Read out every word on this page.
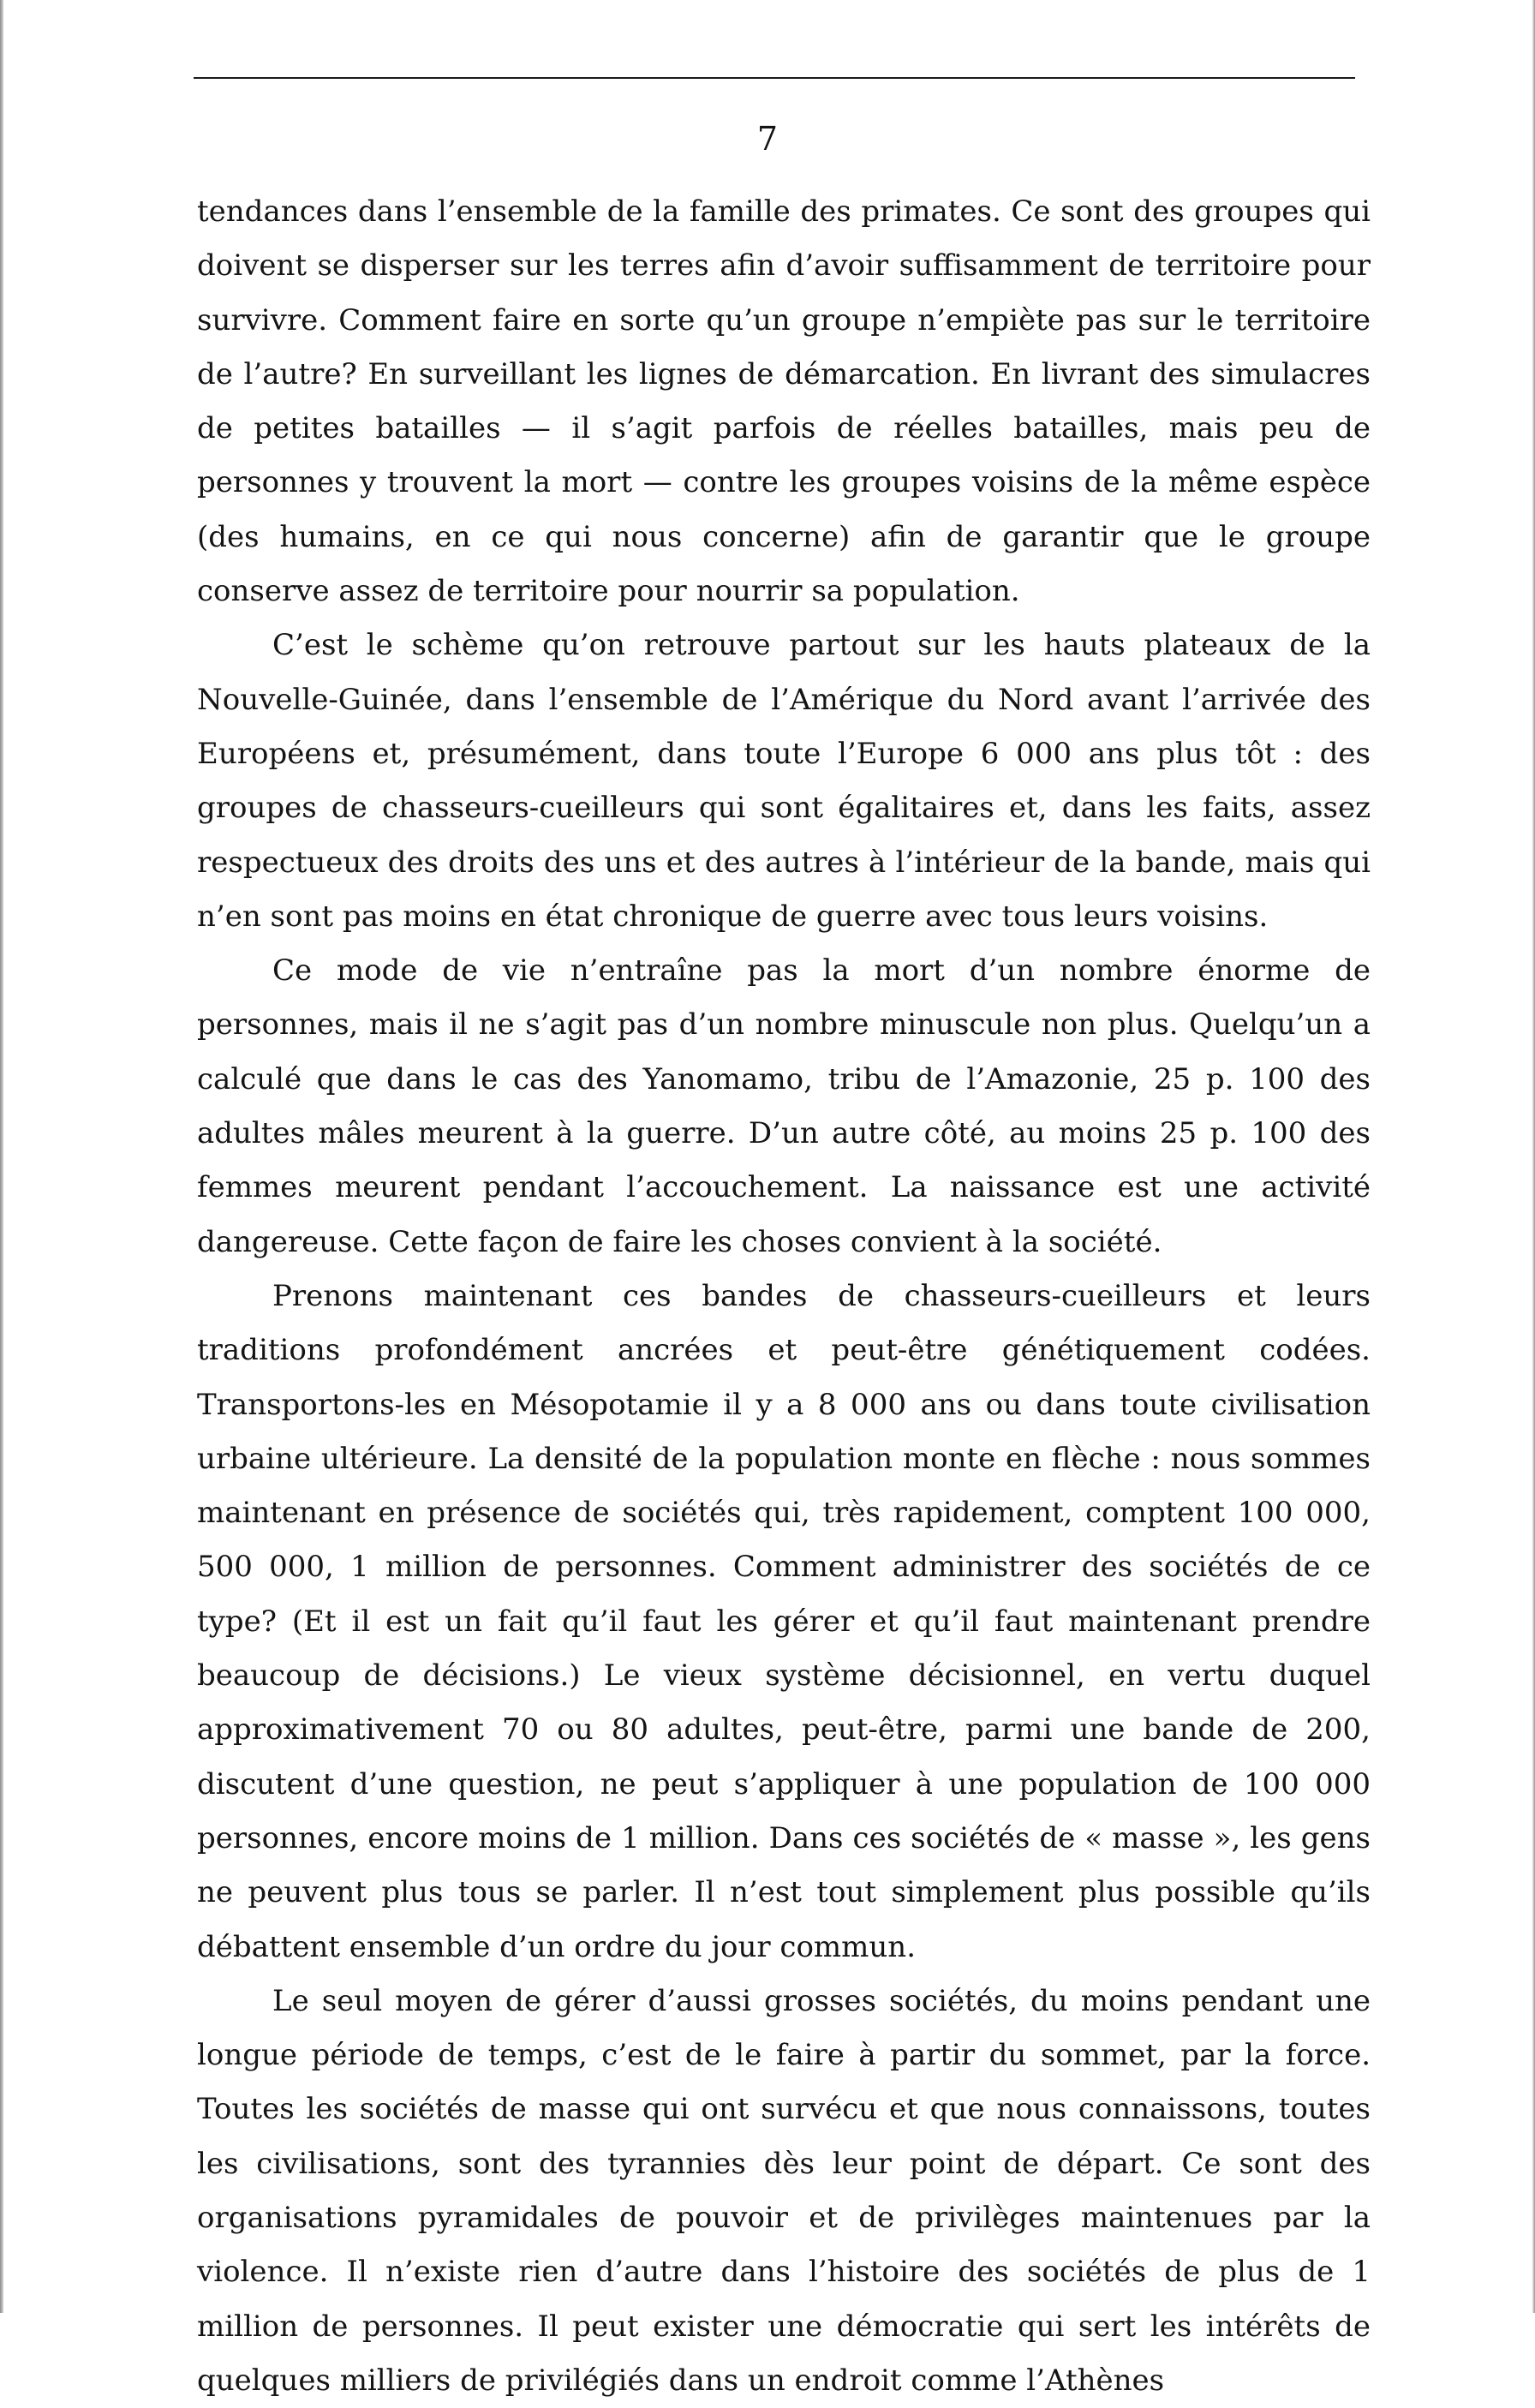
7

tendances dans l’ensemble de la famille des primates. Ce sont des groupes qui doivent se disperser sur les terres afin d’avoir suffisamment de territoire pour survivre. Comment faire en sorte qu’un groupe n’empiète pas sur le territoire de l’autre? En surveillant les lignes de démarcation. En livrant des simulacres de petites batailles — il s’agit parfois de réelles batailles, mais peu de personnes y trouvent la mort — contre les groupes voisins de la même espèce (des humains, en ce qui nous concerne) afin de garantir que le groupe conserve assez de territoire pour nourrir sa population.

C’est le schème qu’on retrouve partout sur les hauts plateaux de la Nouvelle-Guinée, dans l’ensemble de l’Amérique du Nord avant l’arrivée des Européens et, présumément, dans toute l’Europe 6 000 ans plus tôt : des groupes de chasseurs-cueilleurs qui sont égalitaires et, dans les faits, assez respectueux des droits des uns et des autres à l’intérieur de la bande, mais qui n’en sont pas moins en état chronique de guerre avec tous leurs voisins.

Ce mode de vie n’entraîne pas la mort d’un nombre énorme de personnes, mais il ne s’agit pas d’un nombre minuscule non plus. Quelqu’un a calculé que dans le cas des Yanomamo, tribu de l’Amazonie, 25 p. 100 des adultes mâles meurent à la guerre. D’un autre côté, au moins 25 p. 100 des femmes meurent pendant l’accouchement. La naissance est une activité dangereuse. Cette façon de faire les choses convient à la société.

Prenons maintenant ces bandes de chasseurs-cueilleurs et leurs traditions profondément ancrées et peut-être génétiquement codées. Transportons-les en Mésopotamie il y a 8 000 ans ou dans toute civilisation urbaine ultérieure. La densité de la population monte en flèche : nous sommes maintenant en présence de sociétés qui, très rapidement, comptent 100 000, 500 000, 1 million de personnes. Comment administrer des sociétés de ce type? (Et il est un fait qu’il faut les gérer et qu’il faut maintenant prendre beaucoup de décisions.) Le vieux système décisionnel, en vertu duquel approximativement 70 ou 80 adultes, peut-être, parmi une bande de 200, discutent d’une question, ne peut s’appliquer à une population de 100 000 personnes, encore moins de 1 million. Dans ces sociétés de « masse », les gens ne peuvent plus tous se parler. Il n’est tout simplement plus possible qu’ils débattent ensemble d’un ordre du jour commun.

Le seul moyen de gérer d’aussi grosses sociétés, du moins pendant une longue période de temps, c’est de le faire à partir du sommet, par la force. Toutes les sociétés de masse qui ont survécu et que nous connaissons, toutes les civilisations, sont des tyrannies dès leur point de départ. Ce sont des organisations pyramidales de pouvoir et de privilèges maintenues par la violence. Il n’existe rien d’autre dans l’histoire des sociétés de plus de 1 million de personnes. Il peut exister une démocratie qui sert les intérêts de quelques milliers de privilégiés dans un endroit comme l’Athènes
